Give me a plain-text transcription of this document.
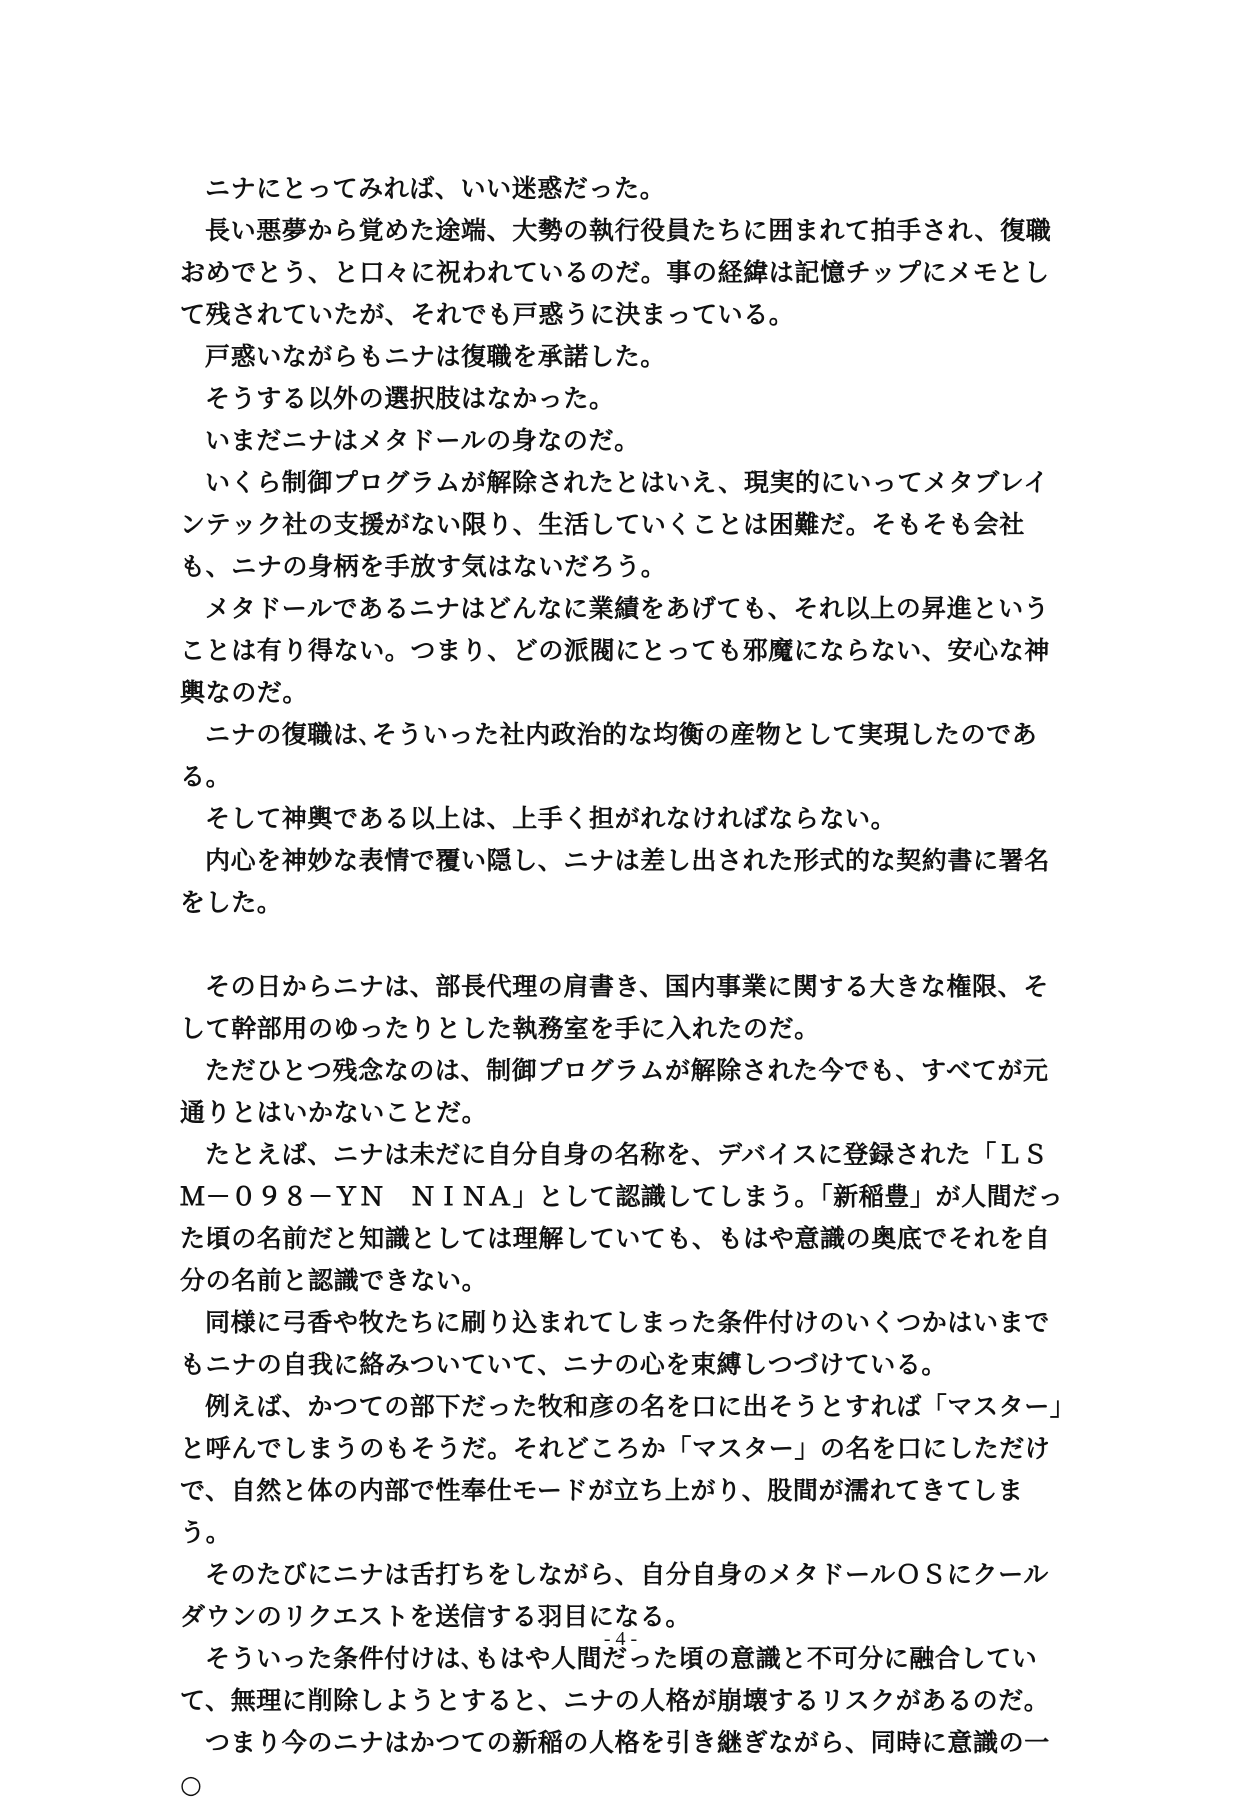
ニナにとってみれば、いい迷惑だった。

長い悪夢から覚めた途端、大勢の執行役員たちに囲まれて拍手され、復職おめでとう、と口々に祝われているのだ。事の経緯は記憶チップにメモとして残されていたが、それでも戸惑うに決まっている。

戸惑いながらもニナは復職を承諾した。

そうする以外の選択肢はなかった。

いまだニナはメタドールの身なのだ。

いくら制御プログラムが解除されたとはいえ、現実的にいってメタブレインテック社の支援がない限り、生活していくことは困難だ。そもそも会社も、ニナの身柄を手放す気はないだろう。

メタドールであるニナはどんなに業績をあげても、それ以上の昇進ということは有り得ない。つまり、どの派閥にとっても邪魔にならない、安心な神輿なのだ。

ニナの復職は､そういった社内政治的な均衡の産物として実現したのである。

そして神輿である以上は、上手く担がれなければならない。

内心を神妙な表情で覆い隠し、ニナは差し出された形式的な契約書に署名をした。

その日からニナは、部長代理の肩書き、国内事業に関する大きな権限、そして幹部用のゆったりとした執務室を手に入れたのだ。

ただひとつ残念なのは、制御プログラムが解除された今でも、すべてが元通りとはいかないことだ。

たとえば、ニナは未だに自分自身の名称を、デバイスに登録された「ＬＳＭ－０９８－ＹＮ　ＮＩＮＡ」として認識してしまう。「新稲豊」が人間だった頃の名前だと知識としては理解していても、もはや意識の奥底でそれを自分の名前と認識できない。

同様に弓香や牧たちに刷り込まれてしまった条件付けのいくつかはいまでもニナの自我に絡みついていて、ニナの心を束縛しつづけている。

例えば、かつての部下だった牧和彦の名を口に出そうとすれば「マスター」と呼んでしまうのもそうだ。それどころか「マスター」の名を口にしただけで、自然と体の内部で性奉仕モードが立ち上がり、股間が濡れてきてしまう。

そのたびにニナは舌打ちをしながら、自分自身のメタドールＯＳにクールダウンのリクエストを送信する羽目になる。

そういった条件付けは､もはや人間だった頃の意識と不可分に融合していて、無理に削除しようとすると、ニナの人格が崩壊するリスクがあるのだ。

つまり今のニナはかつての新稲の人格を引き継ぎながら、同時に意識の一○

- 4 -
